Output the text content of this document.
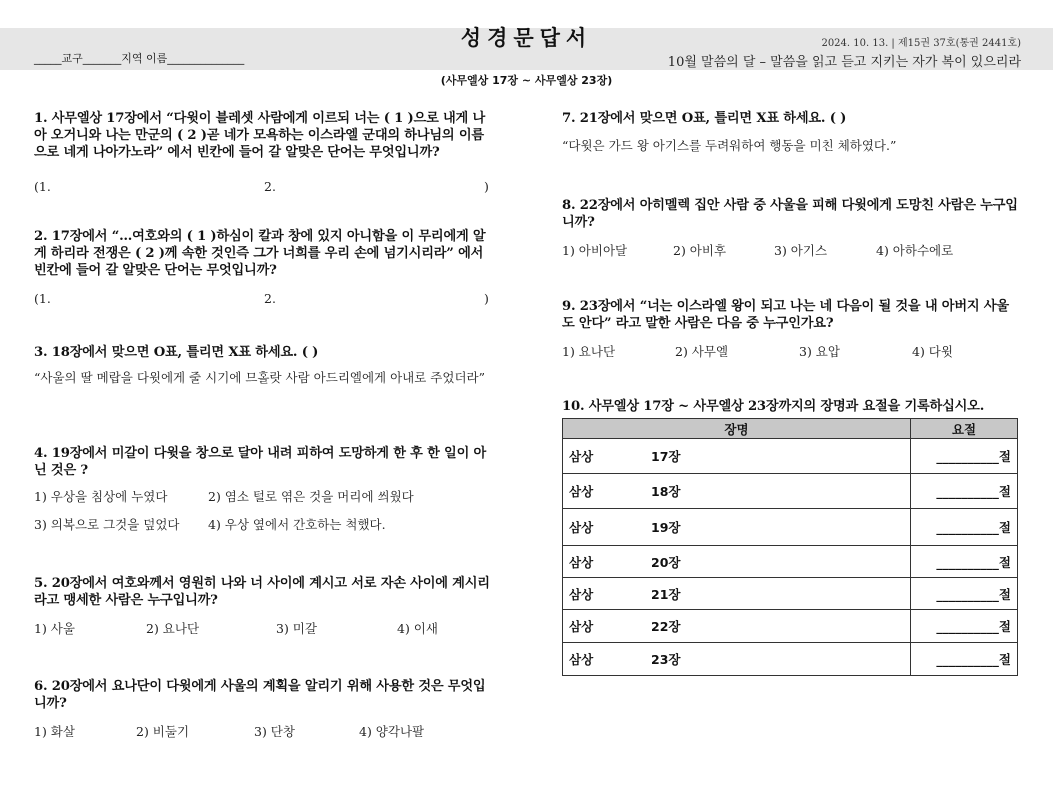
성경문답서
_____교구_______지역 이름______________
2024. 10. 13. | 제15권 37호(통권 2441호)
10월 말씀의 달 – 말씀을 읽고 듣고 지키는 자가 복이 있으리라
(사무엘상 17장 ~ 사무엘상 23장)

1. 사무엘상 17장에서 “다윗이 블레셋 사람에게 이르되 너는 ( 1 )으로 내게 나아 오거니와 나는 만군의 ( 2 )곧 네가 모욕하는 이스라엘 군대의 하나님의 이름으로 네게 나아가노라” 에서 빈칸에 들어 갈 알맞은 단어는 무엇입니까?

(1.	2.	)

2. 17장에서 “…여호와의 ( 1 )하심이 칼과 창에 있지 아니함을 이 무리에게 알게 하리라 전쟁은 ( 2 )께 속한 것인즉 그가 너희를 우리 손에 넘기시리라” 에서 빈칸에 들어 갈 알맞은 단어는 무엇입니까?

(1.	2.	)

3. 18장에서 맞으면 O표, 틀리면 X표 하세요. ( )

“사울의 딸 메랍을 다윗에게 줄 시기에 므홀랏 사람 아드리엘에게 아내로 주었더라”

4. 19장에서 미갈이 다윗을 창으로 달아 내려 피하여 도망하게 한 후 한 일이 아닌 것은 ?

1) 우상을 침상에 누였다	2) 염소 털로 엮은 것을 머리에 씌웠다
3) 의복으로 그것을 덮었다	4) 우상 옆에서 간호하는 척했다.

5. 20장에서 여호와께서 영원히 나와 너 사이에 계시고 서로 자손 사이에 계시리라고 맹세한 사람은 누구입니까?

1) 사울	2) 요나단	3) 미갈	4) 이새

6. 20장에서 요나단이 다윗에게 사울의 계획을 알리기 위해 사용한 것은 무엇입니까?

1) 화살	2) 비둘기	3) 단창	4) 양각나팔

7. 21장에서 맞으면 O표, 틀리면 X표 하세요. ( )

“다윗은 가드 왕 아기스를 두려워하여 행동을 미친 체하였다.”

8. 22장에서 아히멜렉 집안 사람 중 사울을 피해 다윗에게 도망친 사람은 누구입니까?

1) 아비아달	2) 아비후	3) 아기스	4) 아하수에로

9. 23장에서 “너는 이스라엘 왕이 되고 나는 네 다음이 될 것을 내 아버지 사울도 안다” 라고 말한 사람은 다음 중 누구인가요?

1) 요나단	2) 사무엘	3) 요압	4) 다윗

10. 사무엘상 17장 ~ 사무엘상 23장까지의 장명과 요절을 기록하십시오.

장명		요절
삼상	17장	__________절
삼상	18장	__________절
삼상	19장	__________절
삼상	20장	__________절
삼상	21장	__________절
삼상	22장	__________절
삼상	23장	__________절
